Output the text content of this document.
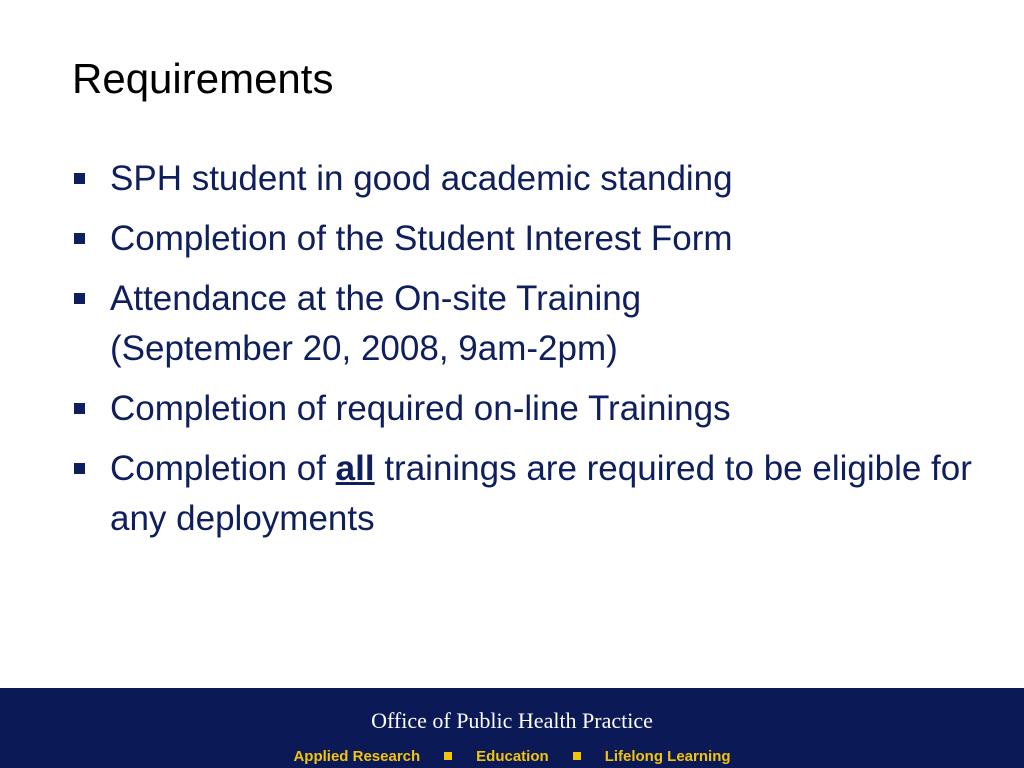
Requirements
SPH student in good academic standing
Completion of the Student Interest Form
Attendance at the On-site Training
(September 20, 2008, 9am-2pm)
Completion of required on-line Trainings
Completion of all trainings are required to be eligible for any deployments

Office of Public Health Practice

Applied Research	Education	Lifelong Learning
